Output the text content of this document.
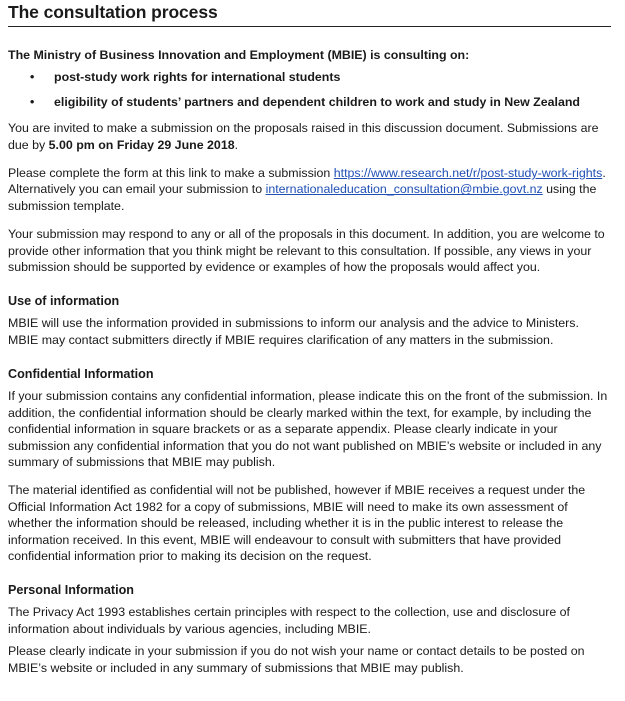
The consultation process

The Ministry of Business Innovation and Employment (MBIE) is consulting on:

• post-study work rights for international students
• eligibility of students’ partners and dependent children to work and study in New Zealand

You are invited to make a submission on the proposals raised in this discussion document. Submissions are due by 5.00 pm on Friday 29 June 2018.

Please complete the form at this link to make a submission https://www.research.net/r/post-study-work-rights. Alternatively you can email your submission to internationaleducation_consultation@mbie.govt.nz using the submission template.

Your submission may respond to any or all of the proposals in this document. In addition, you are welcome to provide other information that you think might be relevant to this consultation. If possible, any views in your submission should be supported by evidence or examples of how the proposals would affect you.

Use of information

MBIE will use the information provided in submissions to inform our analysis and the advice to Ministers. MBIE may contact submitters directly if MBIE requires clarification of any matters in the submission.

Confidential Information

If your submission contains any confidential information, please indicate this on the front of the submission. In addition, the confidential information should be clearly marked within the text, for example, by including the confidential information in square brackets or as a separate appendix. Please clearly indicate in your submission any confidential information that you do not want published on MBIE’s website or included in any summary of submissions that MBIE may publish.

The material identified as confidential will not be published, however if MBIE receives a request under the Official Information Act 1982 for a copy of submissions, MBIE will need to make its own assessment of whether the information should be released, including whether it is in the public interest to release the information received. In this event, MBIE will endeavour to consult with submitters that have provided confidential information prior to making its decision on the request.

Personal Information

The Privacy Act 1993 establishes certain principles with respect to the collection, use and disclosure of information about individuals by various agencies, including MBIE.

Please clearly indicate in your submission if you do not wish your name or contact details to be posted on MBIE’s website or included in any summary of submissions that MBIE may publish.
